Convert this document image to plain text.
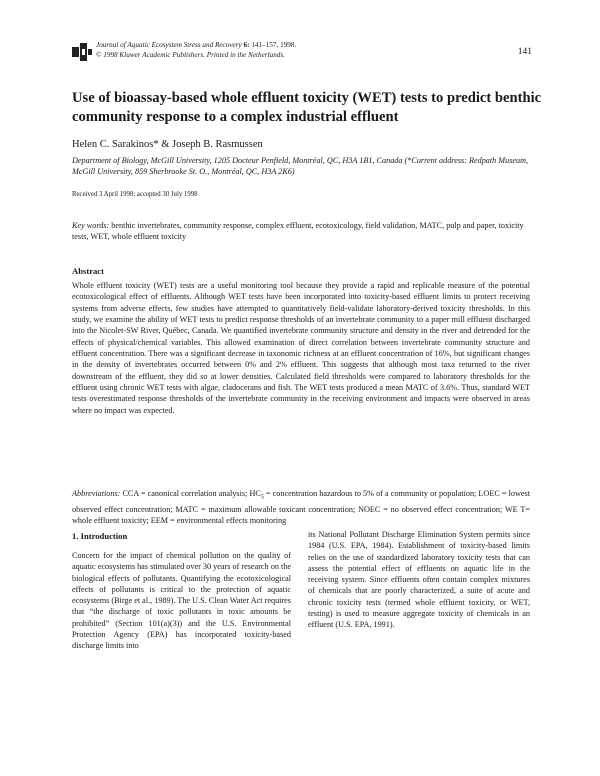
Journal of Aquatic Ecosystem Stress and Recovery 6: 141–157, 1998.
© 1998 Kluwer Academic Publishers. Printed in the Netherlands.	141
Use of bioassay-based whole effluent toxicity (WET) tests to predict benthic community response to a complex industrial effluent
Helen C. Sarakinos* & Joseph B. Rasmussen
Department of Biology, McGill University, 1205 Docteur Penfield, Montréal, QC, H3A 1B1, Canada (*Current address: Redpath Museum, McGill University, 859 Sherbrooke St. O., Montréal, QC, H3A 2K6)
Received 3 April 1998; accepted 30 July 1998
Key words: benthic invertebrates, community response, complex effluent, ecotoxicology, field validation, MATC, pulp and paper, toxicity tests, WET, whole effluent toxicity
Abstract

Whole effluent toxicity (WET) tests are a useful monitoring tool because they provide a rapid and replicable measure of the potential ecotoxicological effect of effluents. Although WET tests have been incorporated into toxicity-based effluent limits to protect receiving systems from adverse effects, few studies have attempted to quantitatively field-validate laboratory-derived toxicity thresholds. In this study, we examine the ability of WET tests to predict response thresholds of an invertebrate community to a paper mill effluent discharged into the Nicolet-SW River, Québec, Canada. We quantified invertebrate community structure and density in the river and detrended for the effects of physical/chemical variables. This allowed examination of direct correlation between invertebrate community structure and effluent concentration. There was a significant decrease in taxonomic richness at an effluent concentration of 16%, but significant changes in the density of invertebrates occurred between 0% and 2% effluent. This suggests that although most taxa returned to the river downstream of the effluent, they did so at lower densities. Calculated field thresholds were compared to laboratory thresholds for the effluent using chronic WET tests with algae, cladocerans and fish. The WET tests produced a mean MATC of 3.6%. Thus, standard WET tests overestimated response thresholds of the invertebrate community in the receiving environment and impacts were observed in areas where no impact was expected.

Abbreviations: CCA = canonical correlation analysis; $HC_5$ = concentration hazardous to 5% of a community or population; LOEC = lowest observed effect concentration; MATC = maximum allowable toxicant concentration; NOEC = no observed effect concentration; WE T= whole effluent toxicity; EEM = environmental effects monitoring

1. Introduction

Concern for the impact of chemical pollution on the quality of aquatic ecosystems has stimulated over 30 years of research on the biological effects of pollutants. Quantifying the ecotoxicological effects of pollutants is critical to the protection of aquatic ecosystems (Birge et al., 1989). The U.S. Clean Water Act requires that “the discharge of toxic pollutants in toxic amounts be prohibited” (Section 101(a)(3)) and the U.S. Environmental Protection Agency (EPA) has incorporated toxicity-based discharge limits into

its National Pollutant Discharge Elimination System permits since 1984 (U.S. EPA, 1984). Establishment of toxicity-based limits relies on the use of standardized laboratory toxicity tests that can assess the potential effect of effluents on aquatic life in the receiving system. Since effluents often contain complex mixtures of chemicals that are poorly characterized, a suite of acute and chronic toxicity tests (termed whole effluent toxicity, or WET, testing) is used to measure aggregate toxicity of chemicals in an effluent (U.S. EPA, 1991).
